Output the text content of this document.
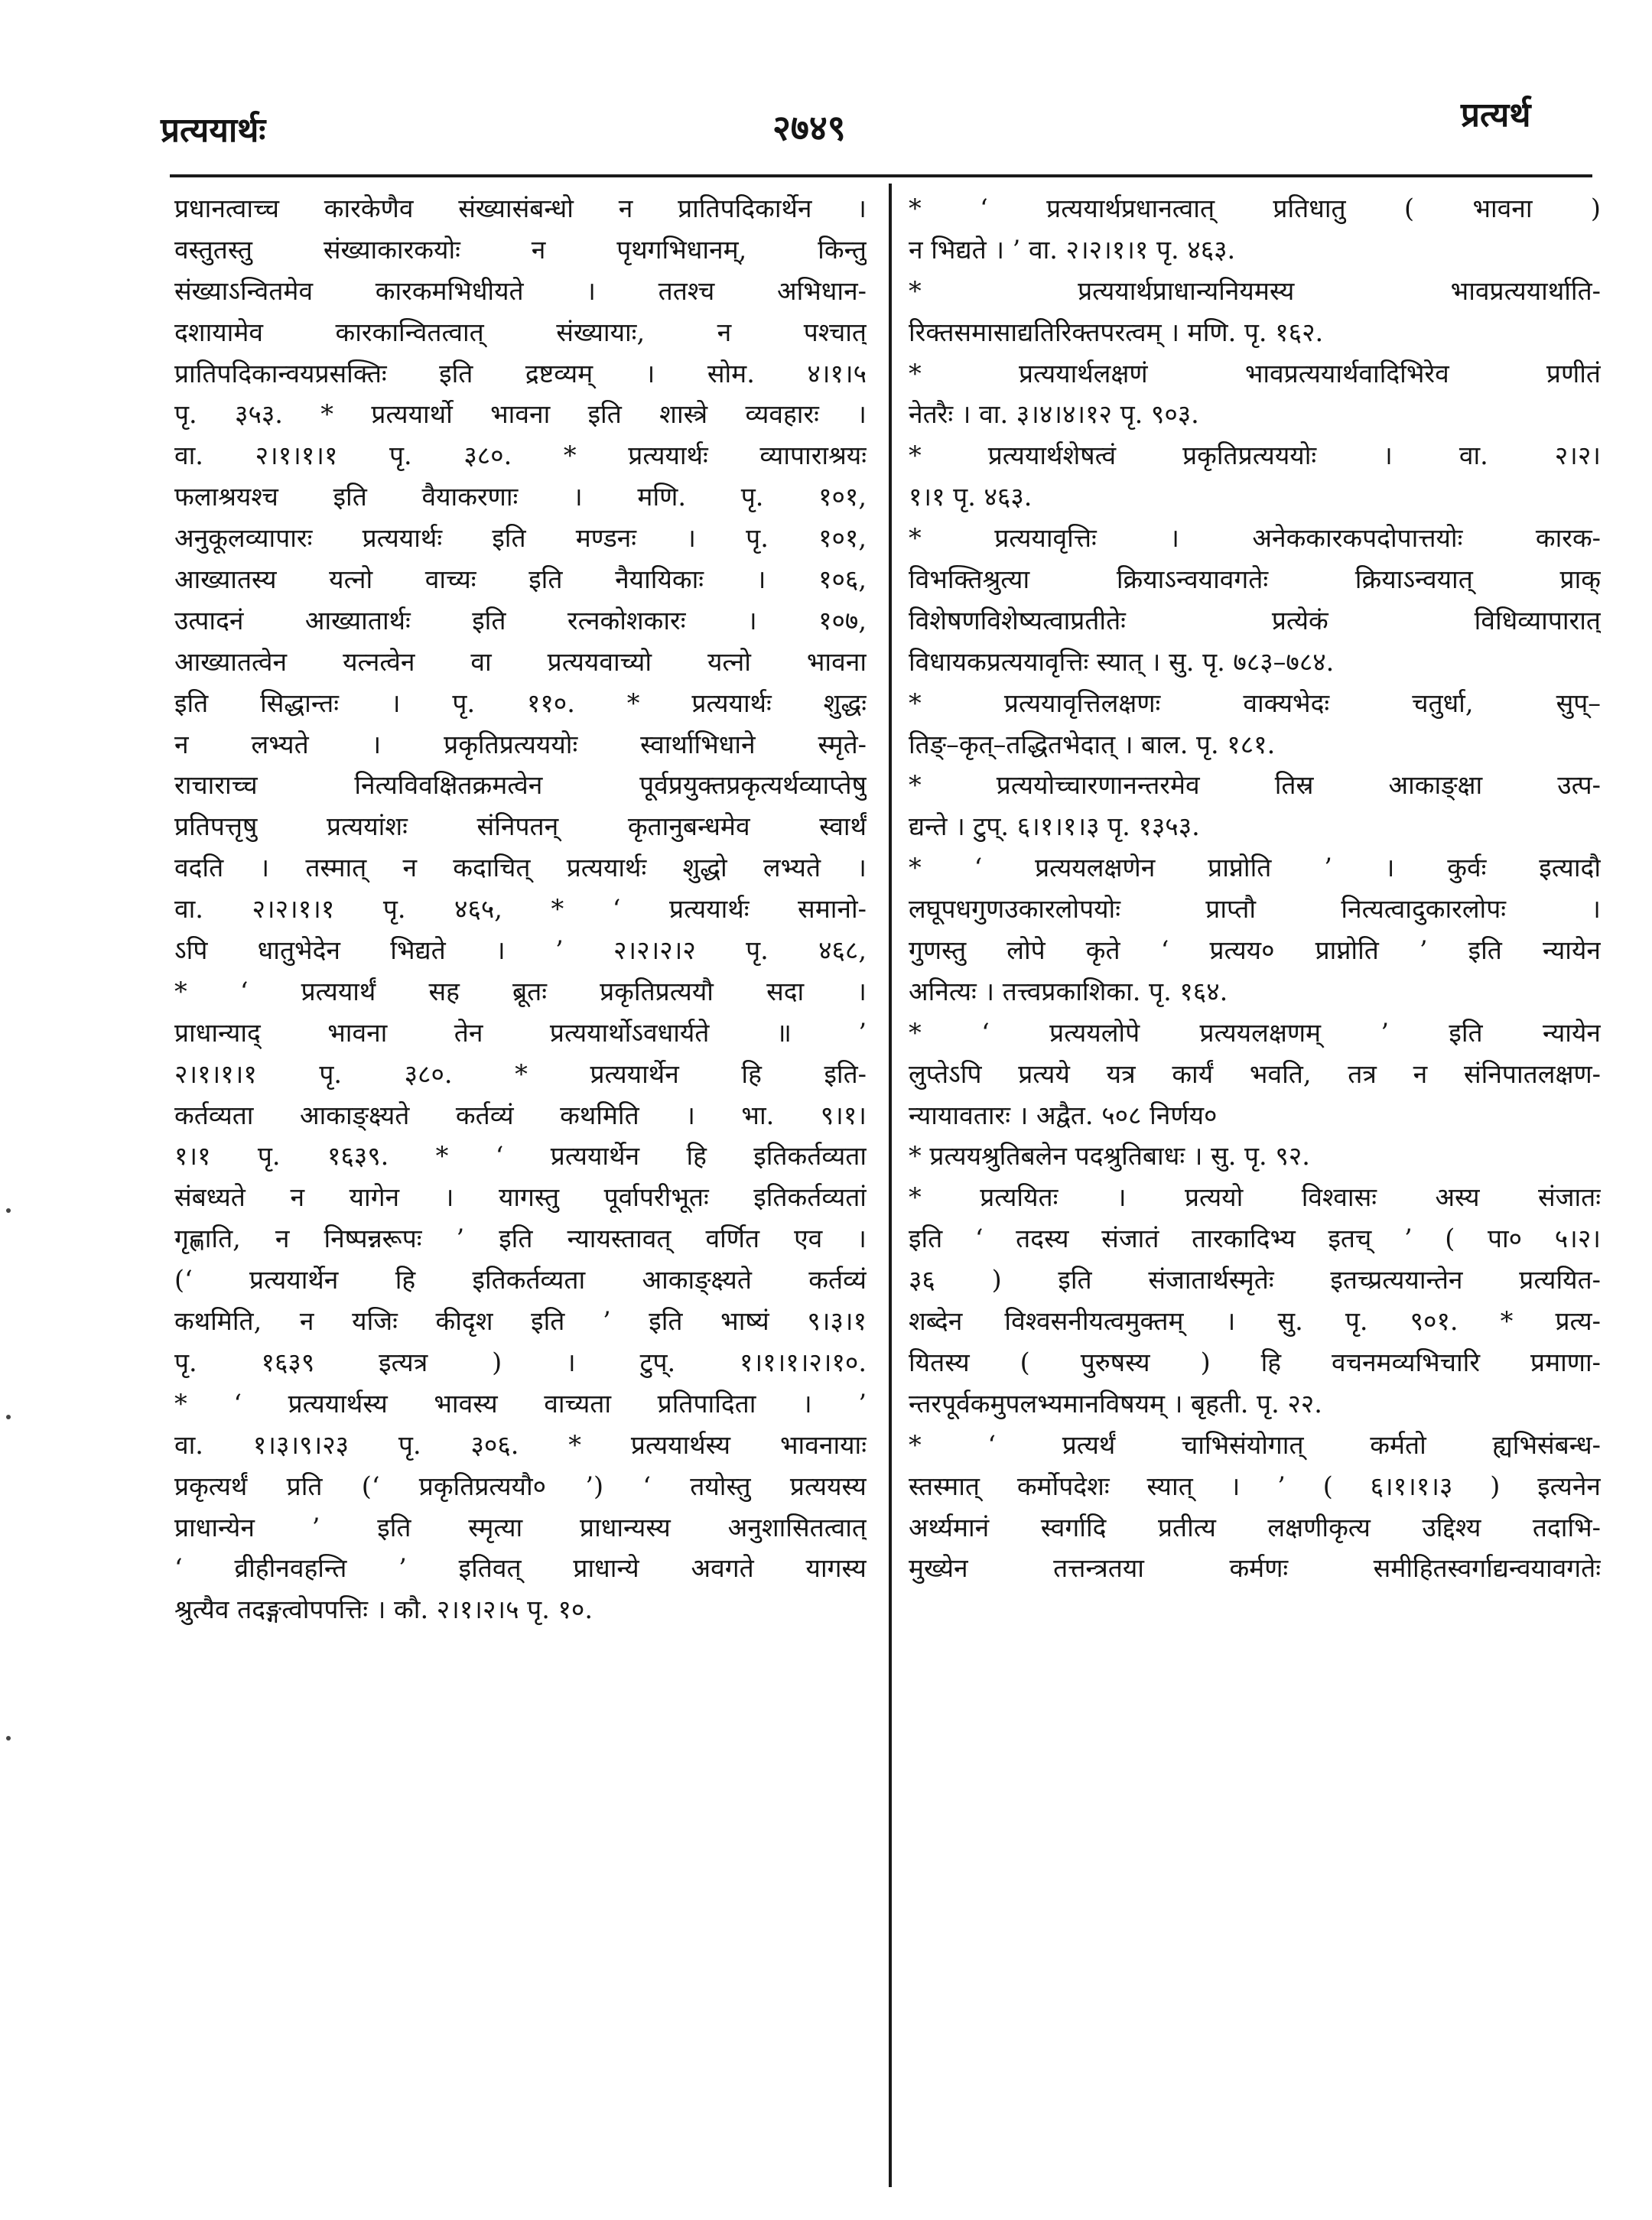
प्रत्ययार्थः	२७४९	प्रत्यर्थ
प्रधानत्वाच्च कारकेणैव संख्यासंबन्धो न प्रातिपदिकार्थेन ।
वस्तुतस्तु संख्याकारकयोः न पृथगभिधानम्, किन्तु
संख्याऽन्वितमेव कारकमभिधीयते । ततश्च अभिधान-
दशायामेव कारकान्वितत्वात् संख्यायाः, न पश्चात्
प्रातिपदिकान्वयप्रसक्तिः इति द्रष्टव्यम् । सोम. ४।१।५
पृ. ३५३. * प्रत्ययार्थो भावना इति शास्त्रे व्यवहारः ।
वा. २।१।१।१ पृ. ३८०. * प्रत्ययार्थः व्यापाराश्रयः
फलाश्रयश्च इति वैयाकरणाः । मणि. पृ. १०१,
अनुकूलव्यापारः प्रत्ययार्थः इति मण्डनः । पृ. १०१,
आख्यातस्य यत्नो वाच्यः इति नैयायिकाः । १०६,
उत्पादनं आख्यातार्थः इति रत्नकोशकारः । १०७,
आख्यातत्वेन यत्नत्वेन वा प्रत्ययवाच्यो यत्नो भावना
इति सिद्धान्तः । पृ. ११०. * प्रत्ययार्थः शुद्धः
न लभ्यते । प्रकृतिप्रत्यययोः स्वार्थाभिधाने स्मृते-
राचाराच्च नित्यविवक्षितक्रमत्वेन पूर्वप्रयुक्तप्रकृत्यर्थव्याप्तेषु
प्रतिपत्तृषु प्रत्ययांशः संनिपतन् कृतानुबन्धमेव स्वार्थं
वदति । तस्मात् न कदाचित् प्रत्ययार्थः शुद्धो लभ्यते ।
वा. २।२।१।१ पृ. ४६५, * ‘ प्रत्ययार्थः समानो-
ऽपि धातुभेदेन भिद्यते । ’ २।२।२।२ पृ. ४६८,
* ‘ प्रत्ययार्थं सह ब्रूतः प्रकृतिप्रत्ययौ सदा ।
प्राधान्याद् भावना तेन प्रत्ययार्थोऽवधार्यते ॥ ’
२।१।१।१ पृ. ३८०. * प्रत्ययार्थेन हि इति-
कर्तव्यता आकाङ्क्ष्यते कर्तव्यं कथमिति । भा. ९।१।
१।१ पृ. १६३९. * ‘ प्रत्ययार्थेन हि इतिकर्तव्यता
संबध्यते न यागेन । यागस्तु पूर्वापरीभूतः इतिकर्तव्यतां
गृह्णाति, न निष्पन्नरूपः ’ इति न्यायस्तावत् वर्णित एव ।
(‘ प्रत्ययार्थेन हि इतिकर्तव्यता आकाङ्क्ष्यते कर्तव्यं
कथमिति, न यजिः कीदृश इति ’ इति भाष्यं ९।३।१
पृ. १६३९ इत्यत्र ) । टुप्. १।१।१।२।१०.
* ‘ प्रत्ययार्थस्य भावस्य वाच्यता प्रतिपादिता । ’
वा. १।३।९।२३ पृ. ३०६. * प्रत्ययार्थस्य भावनायाः
प्रकृत्यर्थं प्रति (‘ प्रकृतिप्रत्ययौ० ’) ‘ तयोस्तु प्रत्ययस्य
प्राधान्येन ’ इति स्मृत्या प्राधान्यस्य अनुशासितत्वात्
‘ व्रीहीनवहन्ति ’ इतिवत् प्राधान्ये अवगते यागस्य
श्रुत्यैव तदङ्गत्वोपपत्तिः । कौ. २।१।२।५ पृ. १०.
* ‘ प्रत्ययार्थप्रधानत्वात् प्रतिधातु ( भावना )
न भिद्यते । ’ वा. २।२।१।१ पृ. ४६३.
* प्रत्ययार्थप्राधान्यनियमस्य भावप्रत्ययार्थाति-
रिक्तसमासाद्यतिरिक्तपरत्वम् । मणि. पृ. १६२.
* प्रत्ययार्थलक्षणं भावप्रत्ययार्थवादिभिरेव प्रणीतं
नेतरैः । वा. ३।४।४।१२ पृ. ९०३.
* प्रत्ययार्थशेषत्वं प्रकृतिप्रत्यययोः । वा. २।२।
१।१ पृ. ४६३.
* प्रत्ययावृत्तिः । अनेककारकपदोपात्तयोः कारक-
विभक्तिश्रुत्या क्रियाऽन्वयावगतेः क्रियाऽन्वयात् प्राक्
विशेषणविशेष्यत्वाप्रतीतेः प्रत्येकं विधिव्यापारात्
विधायकप्रत्ययावृत्तिः स्यात् । सु. पृ. ७८३–७८४.
* प्रत्ययावृत्तिलक्षणः वाक्यभेदः चतुर्धा, सुप्–
तिङ्–कृत्–तद्धितभेदात् । बाल. पृ. १८१.
* प्रत्ययोच्चारणानन्तरमेव तिस्र आकाङ्क्षा उत्प-
द्यन्ते । टुप्. ६।१।१।३ पृ. १३५३.
* ‘ प्रत्ययलक्षणेन प्राप्नोति ’ । कुर्वः इत्यादौ
लघूपधगुणउकारलोपयोः प्राप्तौ नित्यत्वादुकारलोपः ।
गुणस्तु लोपे कृते ‘ प्रत्यय० प्राप्नोति ’ इति न्यायेन
अनित्यः । तत्त्वप्रकाशिका. पृ. १६४.
* ‘ प्रत्ययलोपे प्रत्ययलक्षणम् ’ इति न्यायेन
लुप्तेऽपि प्रत्यये यत्र कार्यं भवति, तत्र न संनिपातलक्षण-
न्यायावतारः । अद्वैत. ५०८ निर्णय०
* प्रत्ययश्रुतिबलेन पदश्रुतिबाधः । सु. पृ. ९२.
* प्रत्ययितः । प्रत्ययो विश्वासः अस्य संजातः
इति ‘ तदस्य संजातं तारकादिभ्य इतच् ’ ( पा० ५।२।
३६ ) इति संजातार्थस्मृतेः इतच्प्रत्ययान्तेन प्रत्ययित-
शब्देन विश्वसनीयत्वमुक्तम् । सु. पृ. ९०१. * प्रत्य-
यितस्य ( पुरुषस्य ) हि वचनमव्यभिचारि प्रमाणा-
न्तरपूर्वकमुपलभ्यमानविषयम् । बृहती. पृ. २२.
* ‘ प्रत्यर्थं चाभिसंयोगात् कर्मतो ह्यभिसंबन्ध-
स्तस्मात् कर्मोपदेशः स्यात् । ’ ( ६।१।१।३ ) इत्यनेन
अर्थ्यमानं स्वर्गादि प्रतीत्य लक्षणीकृत्य उद्दिश्य तदाभि-
मुख्येन तत्तन्त्रतया कर्मणः समीहितस्वर्गाद्यन्वयावगतेः
